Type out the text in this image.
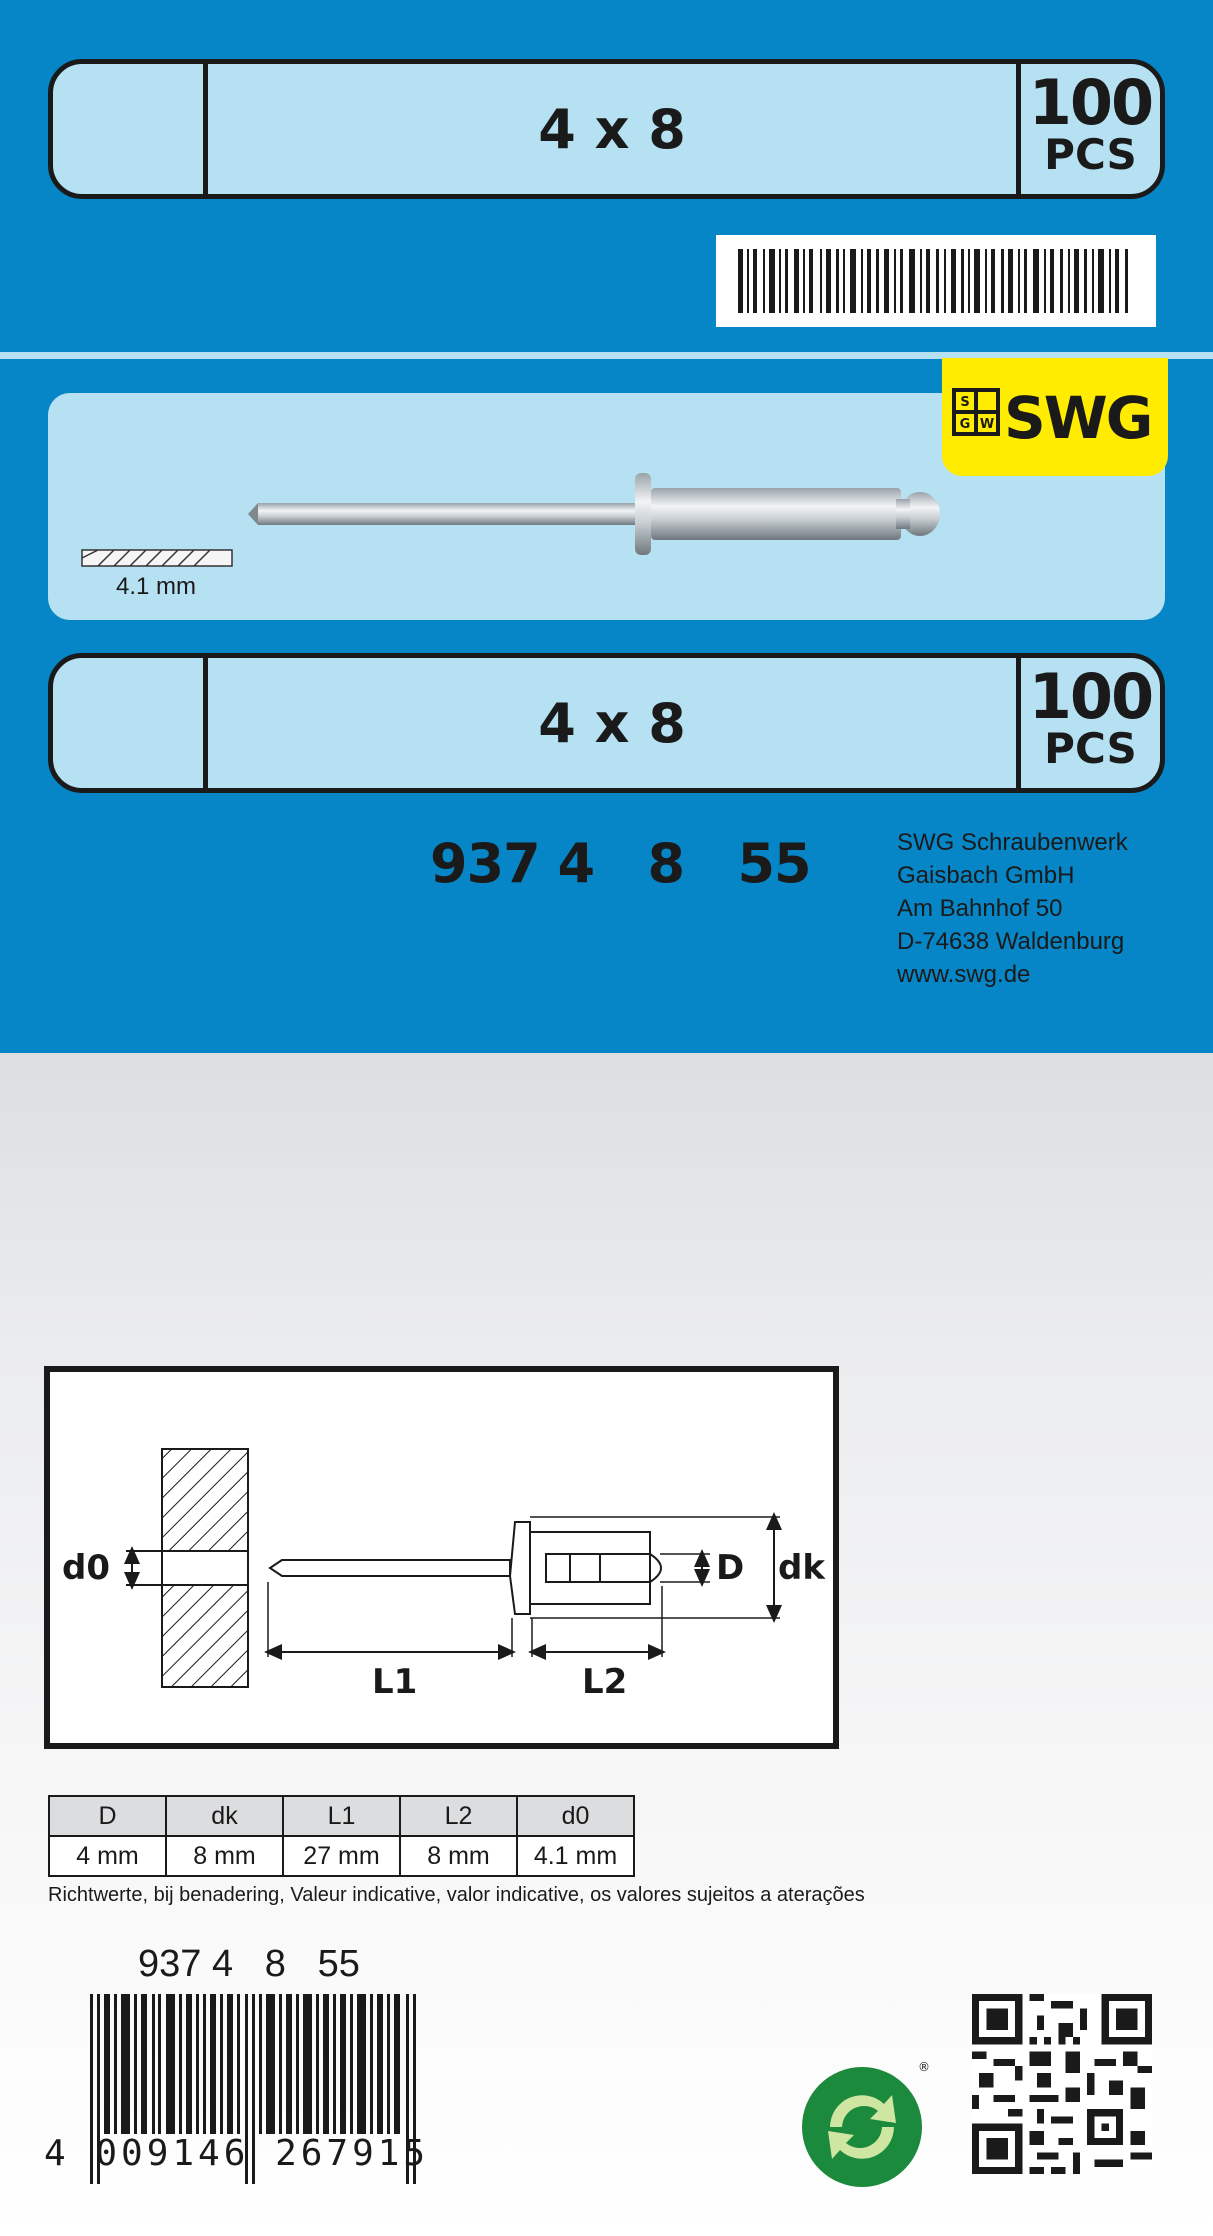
4 x 8	100
PCS
4.1 mm
S
W
G SWG
4 x 8	100
PCS
937 4   8   55	SWG Schraubenwerk
Gaisbach GmbH
Am Bahnhof 50
D-74638 Waldenburg
www.swg.de
d0	D dk
L1	L2
D	dk	L1	L2	d0
4 mm	8 mm	27 mm	8 mm	4.1 mm
Richtwerte, bij benadering, Valeur indicative, valor indicative, os valores sujeitos a aterações
937 4   8   55
4 009146 267915
®
